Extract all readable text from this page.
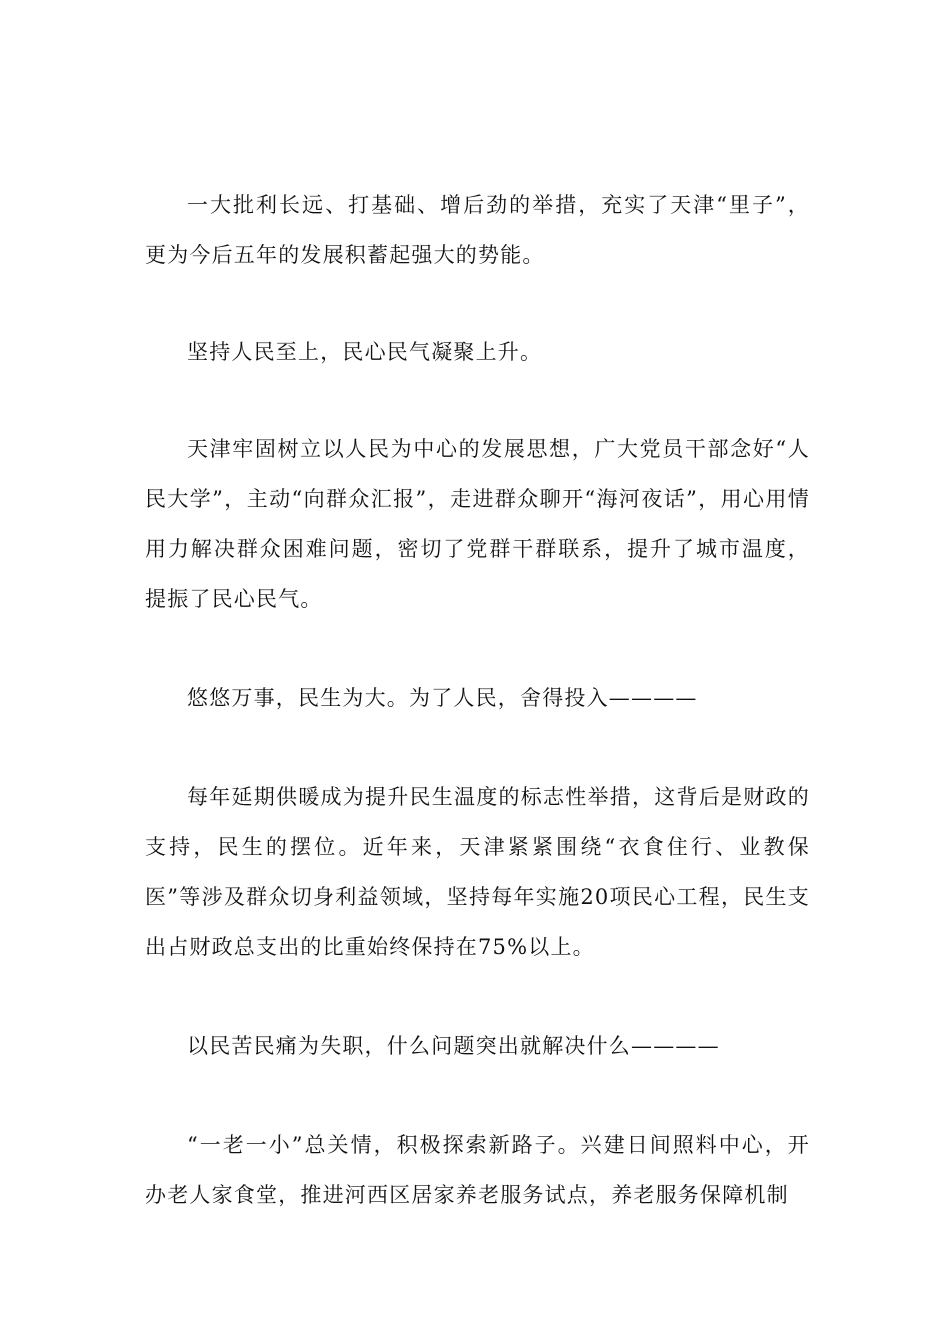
一大批利长远、打基础、增后劲的举措，充实了天津“里子”，更为今后五年的发展积蓄起强大的势能。

坚持人民至上，民心民气凝聚上升。

天津牢固树立以人民为中心的发展思想，广大党员干部念好“人民大学”，主动“向群众汇报”，走进群众聊开“海河夜话”，用心用情用力解决群众困难问题，密切了党群干群联系，提升了城市温度，提振了民心民气。

悠悠万事，民生为大。为了人民，舍得投入————

每年延期供暖成为提升民生温度的标志性举措，这背后是财政的支持，民生的摆位。近年来，天津紧紧围绕“衣食住行、业教保医”等涉及群众切身利益领域，坚持每年实施20项民心工程，民生支出占财政总支出的比重始终保持在75%以上。

以民苦民痛为失职，什么问题突出就解决什么————

“一老一小”总关情，积极探索新路子。兴建日间照料中心，开办老人家食堂，推进河西区居家养老服务试点，养老服务保障机制
